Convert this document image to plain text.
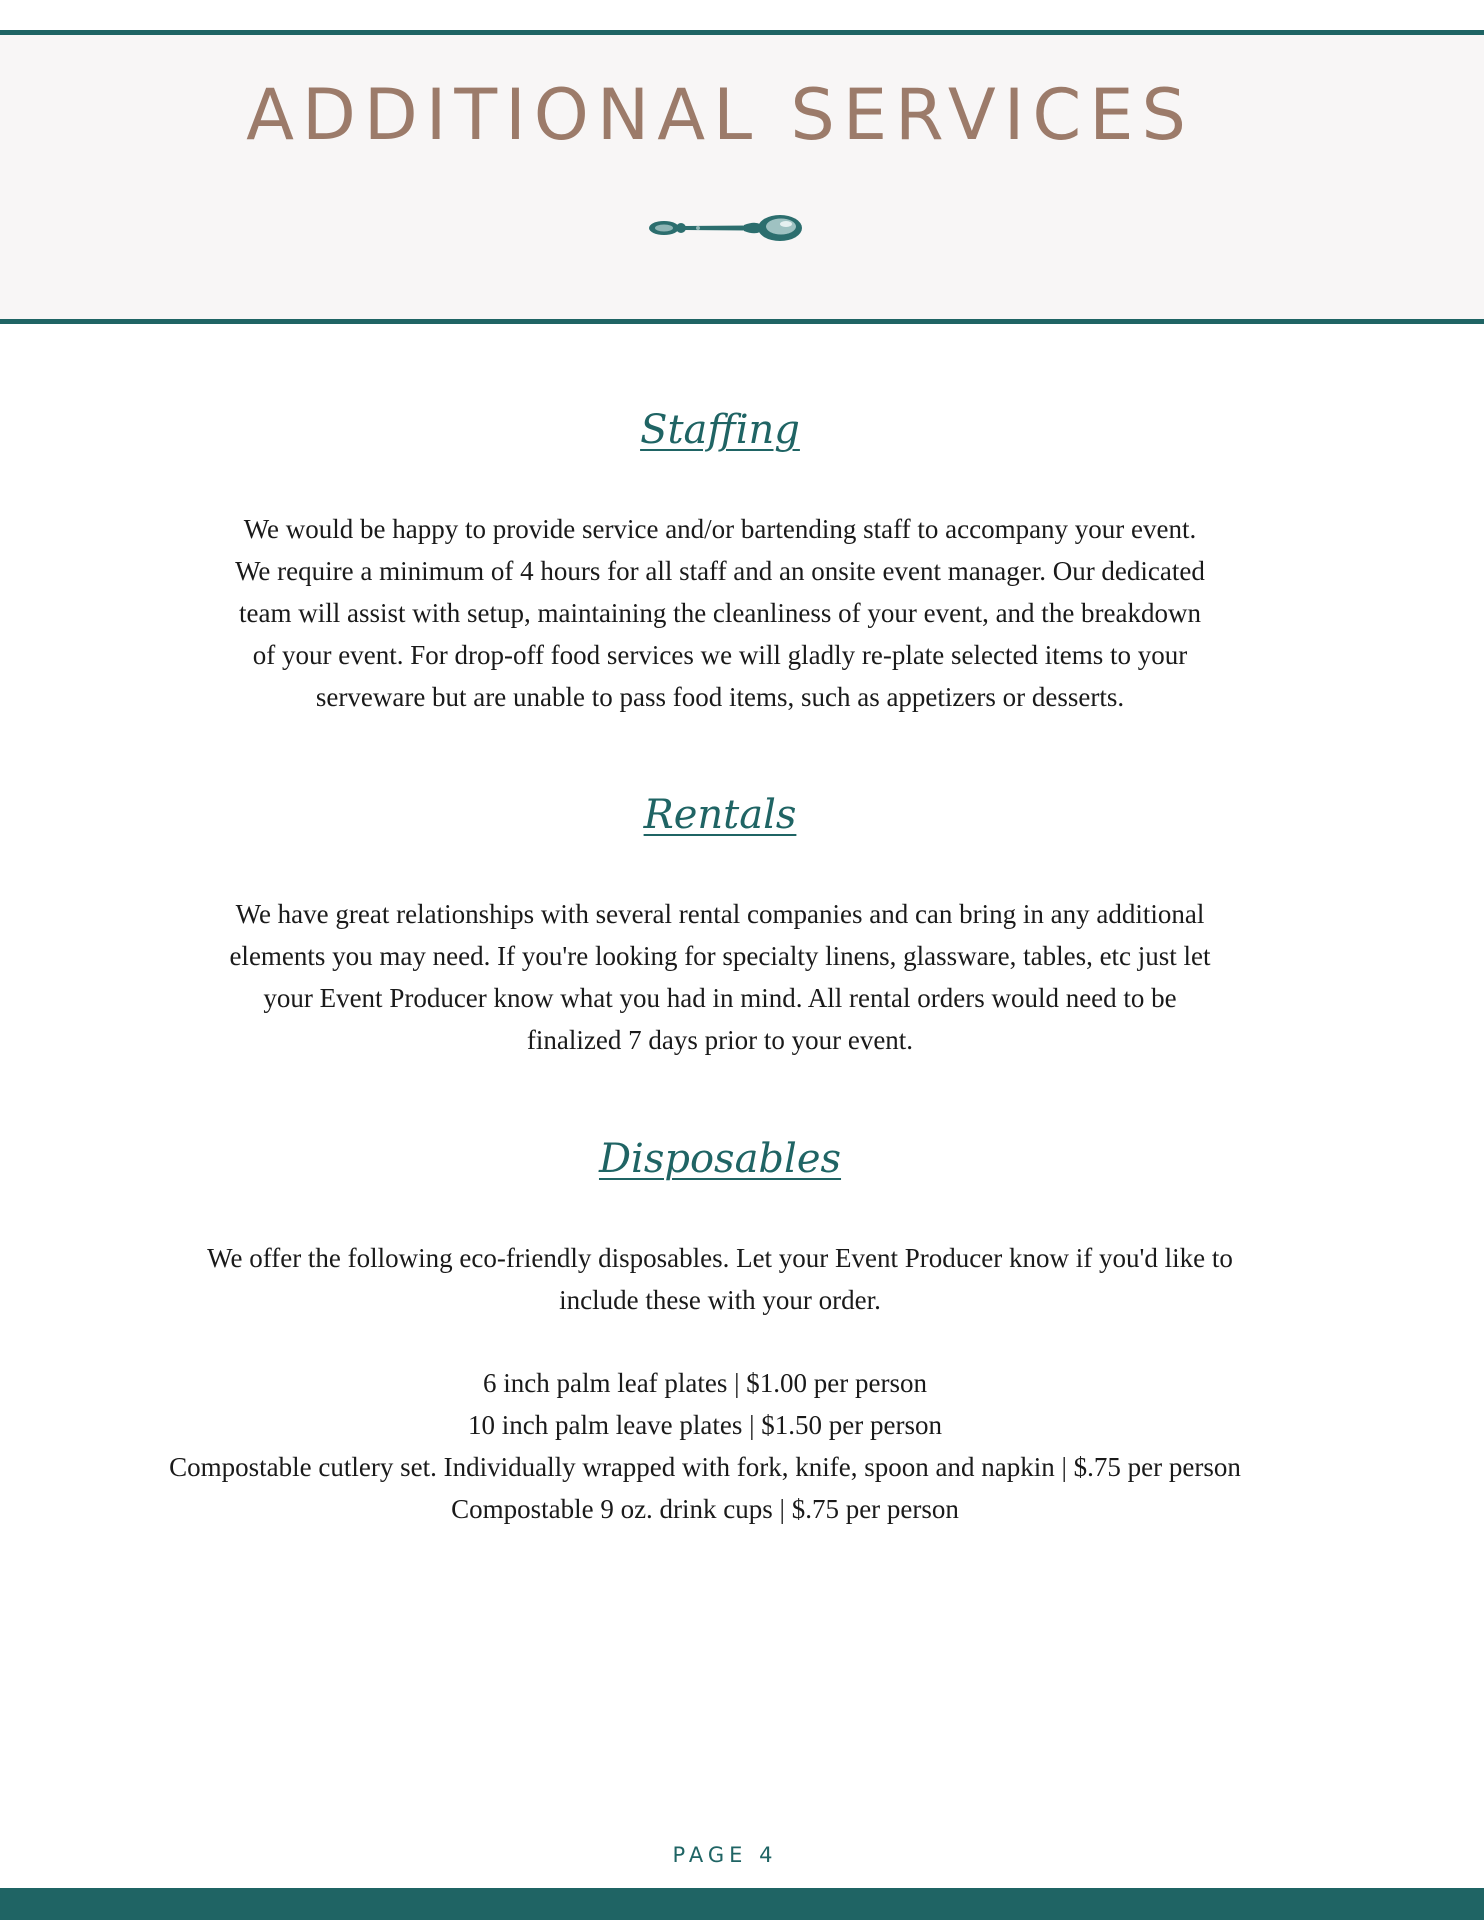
ADDITIONAL SERVICES
Staffing

We would be happy to provide service and/or bartending staff to accompany your event.
We require a minimum of 4 hours for all staff and an onsite event manager. Our dedicated
team will assist with setup, maintaining the cleanliness of your event, and the breakdown
of your event. For drop-off food services we will gladly re-plate selected items to your
serveware but are unable to pass food items, such as appetizers or desserts.

Rentals

We have great relationships with several rental companies and can bring in any additional
elements you may need. If you're looking for specialty linens, glassware, tables, etc just let
your Event Producer know what you had in mind. All rental orders would need to be
finalized 7 days prior to your event.

Disposables

We offer the following eco-friendly disposables. Let your Event Producer know if you'd like to
include these with your order.

6 inch palm leaf plates | $1.00 per person
10 inch palm leave plates | $1.50 per person
Compostable cutlery set. Individually wrapped with fork, knife, spoon and napkin | $.75 per person
Compostable 9 oz. drink cups | $.75 per person
PAGE 4
